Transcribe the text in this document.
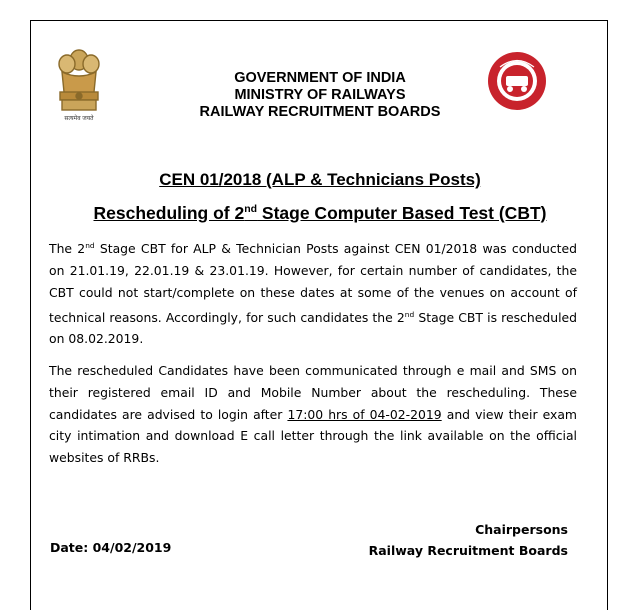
सत्यमेव जयते
GOVERNMENT OF INDIA
MINISTRY OF RAILWAYS
RAILWAY RECRUITMENT BOARDS
CEN 01/2018 (ALP & Technicians Posts)
Rescheduling of 2nd Stage Computer Based Test (CBT)
The 2nd Stage CBT for ALP & Technician Posts against CEN 01/2018 was conducted on 21.01.19, 22.01.19 & 23.01.19. However, for certain number of candidates, the CBT could not start/complete on these dates at some of the venues on account of technical reasons. Accordingly, for such candidates the 2nd Stage CBT is rescheduled on 08.02.2019.
The rescheduled Candidates have been communicated through e mail and SMS on their registered email ID and Mobile Number about the rescheduling. These candidates are advised to login after 17:00 hrs of 04-02-2019 and view their exam city intimation and download E call letter through the link available on the official websites of RRBs.
Chairpersons
Railway Recruitment Boards
Date: 04/02/2019
